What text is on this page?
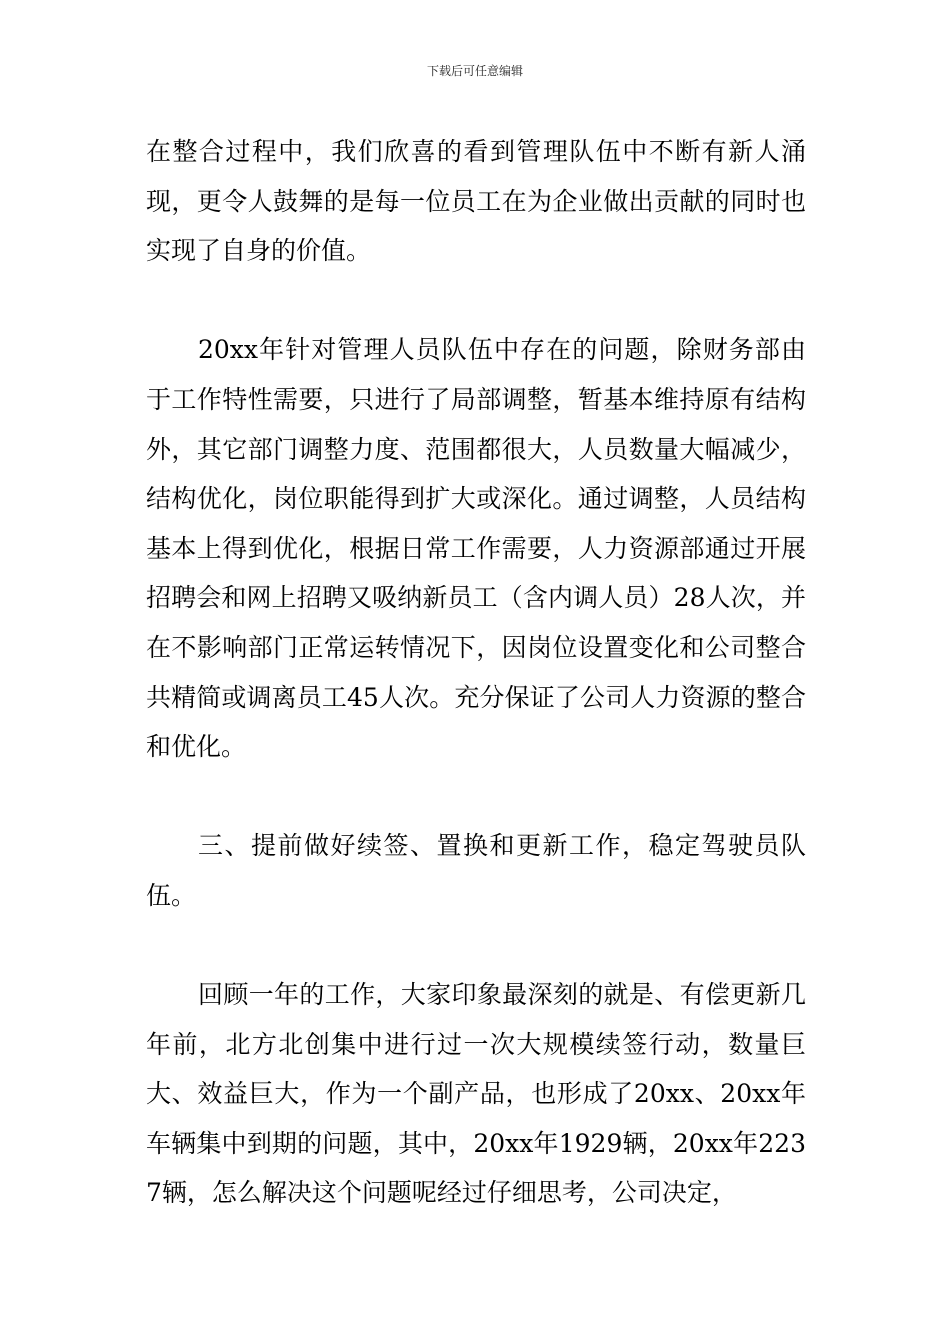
下载后可任意编辑

在整合过程中，我们欣喜的看到管理队伍中不断有新人涌现，更令人鼓舞的是每一位员工在为企业做出贡献的同时也实现了自身的价值。

20xx年针对管理人员队伍中存在的问题，除财务部由于工作特性需要，只进行了局部调整，暂基本维持原有结构外，其它部门调整力度、范围都很大，人员数量大幅减少，结构优化，岗位职能得到扩大或深化。通过调整，人员结构基本上得到优化，根据日常工作需要，人力资源部通过开展招聘会和网上招聘又吸纳新员工（含内调人员）28人次，并在不影响部门正常运转情况下，因岗位设置变化和公司整合共精简或调离员工45人次。充分保证了公司人力资源的整合和优化。

三、提前做好续签、置换和更新工作，稳定驾驶员队伍。

回顾一年的工作，大家印象最深刻的就是、有偿更新几年前，北方北创集中进行过一次大规模续签行动，数量巨大、效益巨大，作为一个副产品，也形成了20xx、20xx年车辆集中到期的问题，其中，20xx年1929辆，20xx年2237辆，怎么解决这个问题呢经过仔细思考，公司决定，
